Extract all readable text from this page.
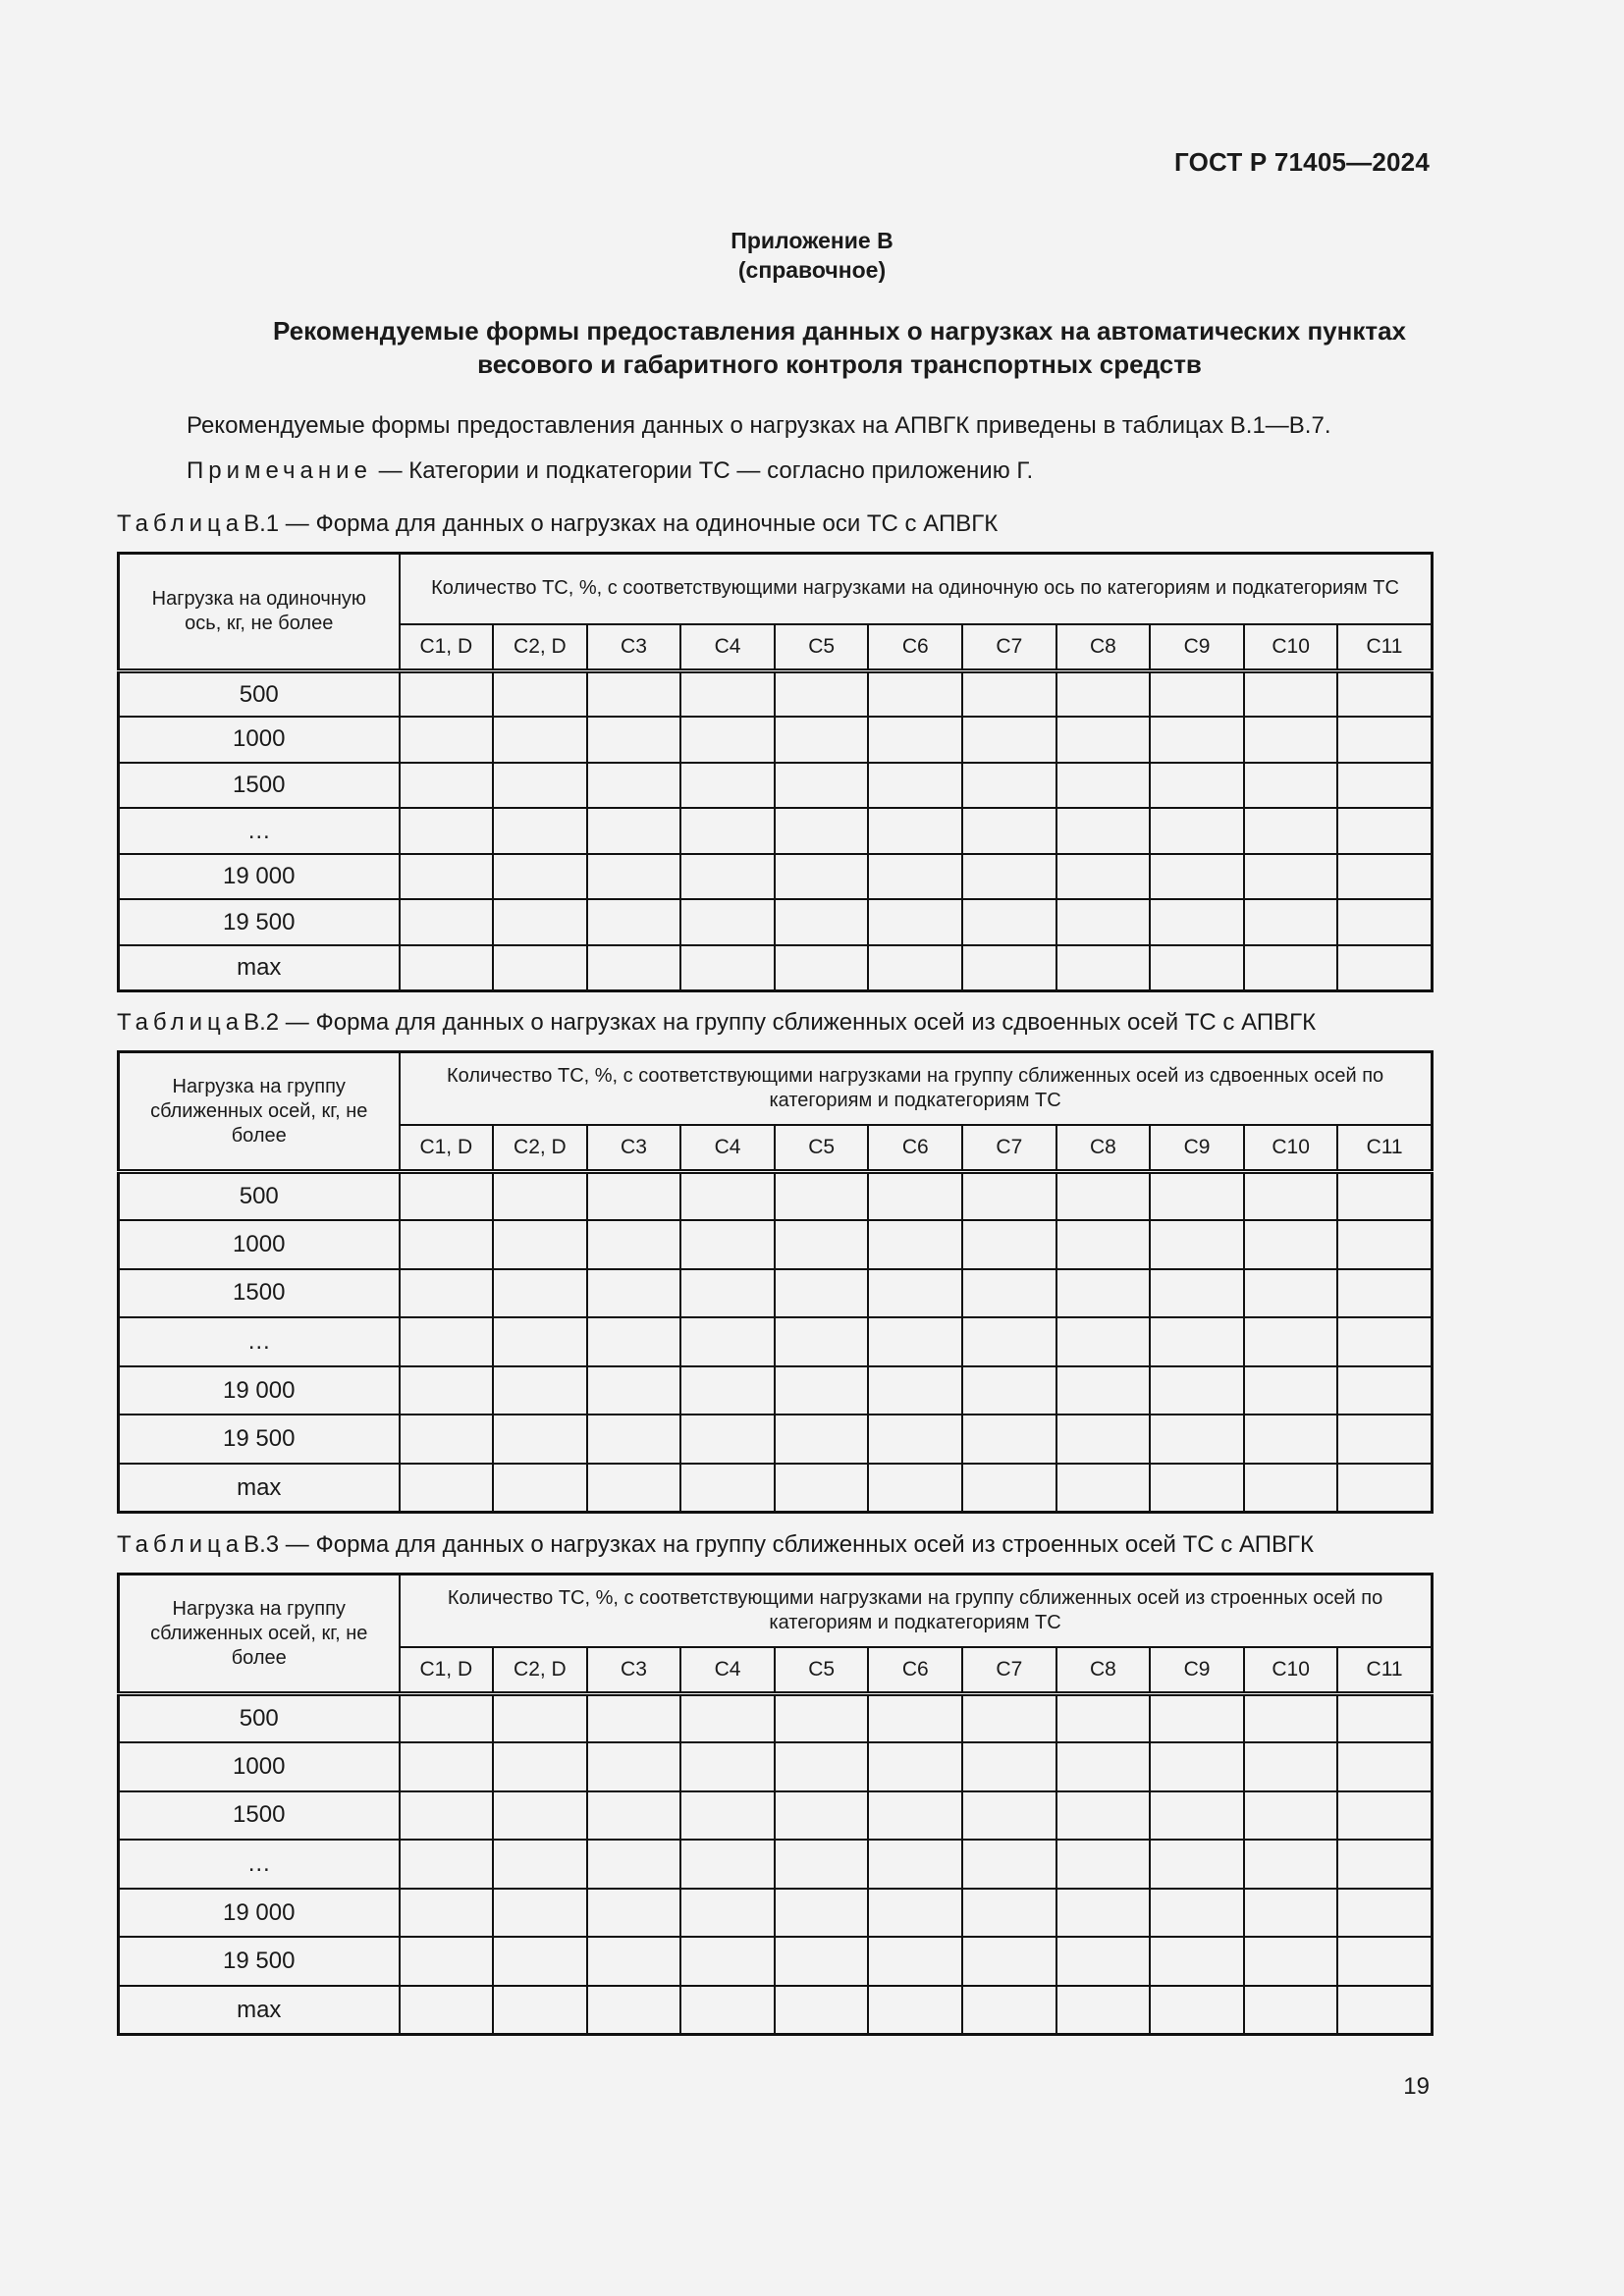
ГОСТ Р 71405—2024
Приложение В
(справочное)
Рекомендуемые формы предоставления данных о нагрузках на автоматических пунктах
весового и габаритного контроля транспортных средств
Рекомендуемые формы предоставления данных о нагрузках на АПВГК приведены в таблицах В.1—В.7.
Примечание — Категории и подкатегории ТС — согласно приложению Г.
ТаблицаВ.1 — Форма для данных о нагрузках на одиночные оси ТС с АПВГК
Нагрузка на одиночную ось, кг, не более	Количество ТС, %, с соответствующими нагрузками на одиночную ось по категориям и подкатегориям ТС										
	С1, D	С2, D	С3	С4	С5	С6	С7	С8	С9	С10	С11
500											
1000											
1500											
…											
19 000											
19 500											
max											
ТаблицаВ.2 — Форма для данных о нагрузках на группу сближенных осей из сдвоенных осей ТС с АПВГК
Нагрузка на группу сближенных осей, кг, не более	Количество ТС, %, с соответствующими нагрузками на группу сближенных осей из сдвоенных осей по категориям и подкатегориям ТС										
	С1, D	С2, D	С3	С4	С5	С6	С7	С8	С9	С10	С11
500											
1000											
1500											
…											
19 000											
19 500											
max											
ТаблицаВ.3 — Форма для данных о нагрузках на группу сближенных осей из строенных осей ТС с АПВГК
Нагрузка на группу сближенных осей, кг, не более	Количество ТС, %, с соответствующими нагрузками на группу сближенных осей из строенных осей по категориям и подкатегориям ТС										
	С1, D	С2, D	С3	С4	С5	С6	С7	С8	С9	С10	С11
500											
1000											
1500											
…											
19 000											
19 500											
max											
19
